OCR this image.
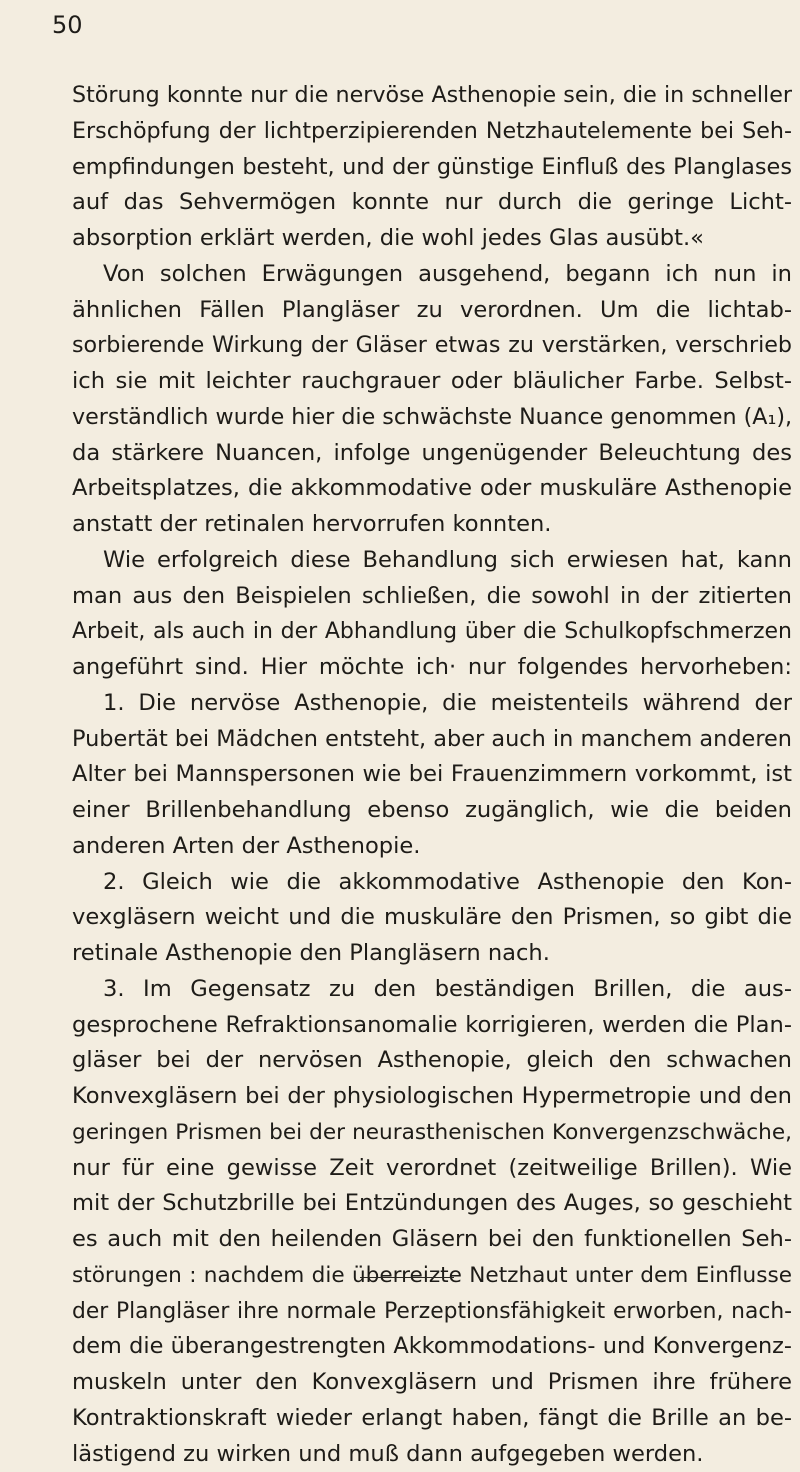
50
Störung konnte nur die nervöse Asthenopie sein, die in schneller
Erschöpfung der lichtperzipierenden Netzhautelemente bei Seh-
empfindungen besteht, und der günstige Einfluß des Planglases
auf das Sehvermögen konnte nur durch die geringe Licht-
absorption erklärt werden, die wohl jedes Glas ausübt.«
Von solchen Erwägungen ausgehend, begann ich nun in
ähnlichen Fällen Plangläser zu verordnen. Um die lichtab-
sorbierende Wirkung der Gläser etwas zu verstärken, verschrieb
ich sie mit leichter rauchgrauer oder bläulicher Farbe. Selbst-
verständlich wurde hier die schwächste Nuance genommen (A₁),
da stärkere Nuancen, infolge ungenügender Beleuchtung des
Arbeitsplatzes, die akkommodative oder muskuläre Asthenopie
anstatt der retinalen hervorrufen konnten.
Wie erfolgreich diese Behandlung sich erwiesen hat, kann
man aus den Beispielen schließen, die sowohl in der zitierten
Arbeit, als auch in der Abhandlung über die Schulkopfschmerzen
angeführt sind. Hier möchte ich· nur folgendes hervorheben:
1. Die nervöse Asthenopie, die meistenteils während der
Pubertät bei Mädchen entsteht, aber auch in manchem anderen
Alter bei Mannspersonen wie bei Frauenzimmern vorkommt, ist
einer Brillenbehandlung ebenso zugänglich, wie die beiden
anderen Arten der Asthenopie.
2. Gleich wie die akkommodative Asthenopie den Kon-
vexgläsern weicht und die muskuläre den Prismen, so gibt die
retinale Asthenopie den Plangläsern nach.
3. Im Gegensatz zu den beständigen Brillen, die aus-
gesprochene Refraktionsanomalie korrigieren, werden die Plan-
gläser bei der nervösen Asthenopie, gleich den schwachen
Konvexgläsern bei der physiologischen Hypermetropie und den
geringen Prismen bei der neurasthenischen Konvergenzschwäche,
nur für eine gewisse Zeit verordnet (zeitweilige Brillen). Wie
mit der Schutzbrille bei Entzündungen des Auges, so geschieht
es auch mit den heilenden Gläsern bei den funktionellen Seh-
störungen : nachdem die überreizte Netzhaut unter dem Einflusse
der Plangläser ihre normale Perzeptionsfähigkeit erworben, nach-
dem die überangestrengten Akkommodations- und Konvergenz-
muskeln unter den Konvexgläsern und Prismen ihre frühere
Kontraktionskraft wieder erlangt haben, fängt die Brille an be-
lästigend zu wirken und muß dann aufgegeben werden.
